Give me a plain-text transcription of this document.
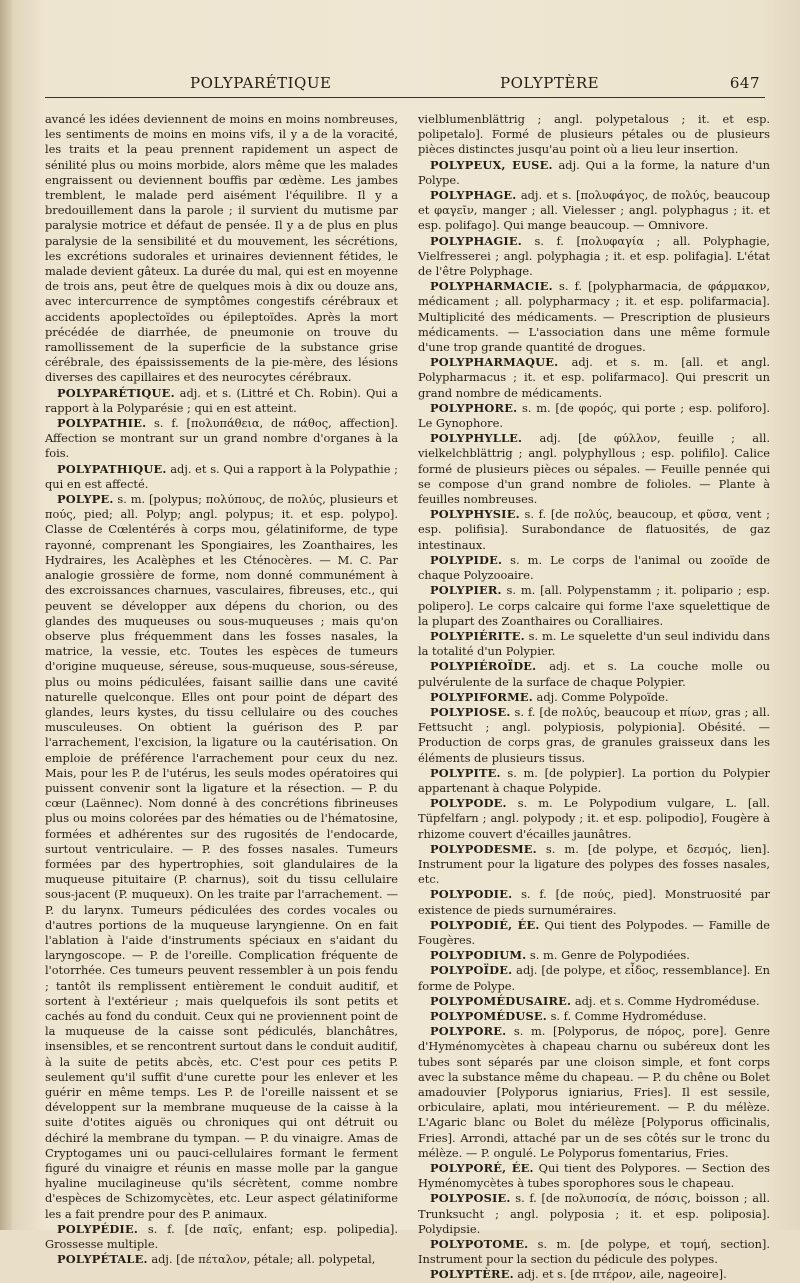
POLYPARÉTIQUE	POLYPTÈRE	647

avancé les idées deviennent de moins en moins nombreuses, les sentiments de moins en moins vifs, il y a de la voracité, les traits et la peau prennent rapidement un aspect de sénilité plus ou moins morbide, alors même que les malades engraissent ou deviennent bouffis par œdème. Les jambes tremblent, le malade perd aisément l'équilibre. Il y a bredouillement dans la parole ; il survient du mutisme par paralysie motrice et défaut de pensée. Il y a de plus en plus paralysie de la sensibilité et du mouvement, les sécrétions, les excrétions sudorales et urinaires deviennent fétides, le malade devient gâteux. La durée du mal, qui est en moyenne de trois ans, peut être de quelques mois à dix ou douze ans, avec intercurrence de symptômes congestifs cérébraux et accidents apoplectoïdes ou épileptoïdes. Après la mort précédée de diarrhée, de pneumonie on trouve du ramollissement de la superficie de la substance grise cérébrale, des épaississements de la pie-mère, des lésions diverses des capillaires et des neurocytes cérébraux.

POLYPARÉTIQUE. adj. et s. (Littré et Ch. Robin). Qui a rapport à la Polyparésie ; qui en est atteint.

POLYPATHIE. s. f. [πολυπάθεια, de πάθος, affection]. Affection se montrant sur un grand nombre d'organes à la fois.

POLYPATHIQUE. adj. et s. Qui a rapport à la Polypathie ; qui en est affecté.

POLYPE. s. m. [polypus; πολύπους, de πολύς, plusieurs et πούς, pied; all. Polyp; angl. polypus; it. et esp. polypo]. Classe de Cœlentérés à corps mou, gélatiniforme, de type rayonné, comprenant les Spongiaires, les Zoanthaires, les Hydraires, les Acalèphes et les Cténocères. — M. C. Par analogie grossière de forme, nom donné communément à des excroissances charnues, vasculaires, fibreuses, etc., qui peuvent se développer aux dépens du chorion, ou des glandes des muqueuses ou sous-muqueuses ; mais qu'on observe plus fréquemment dans les fosses nasales, la matrice, la vessie, etc. Toutes les espèces de tumeurs d'origine muqueuse, séreuse, sous-muqueuse, sous-séreuse, plus ou moins pédiculées, faisant saillie dans une cavité naturelle quelconque. Elles ont pour point de départ des glandes, leurs kystes, du tissu cellulaire ou des couches musculeuses. On obtient la guérison des P. par l'arrachement, l'excision, la ligature ou la cautérisation. On emploie de préférence l'arrachement pour ceux du nez. Mais, pour les P. de l'utérus, les seuls modes opératoires qui puissent convenir sont la ligature et la résection. — P. du cœur (Laënnec). Nom donné à des concrétions fibrineuses plus ou moins colorées par des hématies ou de l'hématosine, formées et adhérentes sur des rugosités de l'endocarde, surtout ventriculaire. — P. des fosses nasales. Tumeurs formées par des hypertrophies, soit glandulaires de la muqueuse pituitaire (P. charnus), soit du tissu cellulaire sous-jacent (P. muqueux). On les traite par l'arrachement. — P. du larynx. Tumeurs pédiculées des cordes vocales ou d'autres portions de la muqueuse laryngienne. On en fait l'ablation à l'aide d'instruments spéciaux en s'aidant du laryngoscope. — P. de l'oreille. Complication fréquente de l'otorrhée. Ces tumeurs peuvent ressembler à un pois fendu ; tantôt ils remplissent entièrement le conduit auditif, et sortent à l'extérieur ; mais quelquefois ils sont petits et cachés au fond du conduit. Ceux qui ne proviennent point de la muqueuse de la caisse sont pédiculés, blanchâtres, insensibles, et se rencontrent surtout dans le conduit auditif, à la suite de petits abcès, etc. C'est pour ces petits P. seulement qu'il suffit d'une curette pour les enlever et les guérir en même temps. Les P. de l'oreille naissent et se développent sur la membrane muqueuse de la caisse à la suite d'otites aiguës ou chroniques qui ont détruit ou déchiré la membrane du tympan. — P. du vinaigre. Amas de Cryptogames uni ou pauci-cellulaires formant le ferment figuré du vinaigre et réunis en masse molle par la gangue hyaline mucilagineuse qu'ils sécrètent, comme nombre d'espèces de Schizomycètes, etc. Leur aspect gélatiniforme les a fait prendre pour des P. animaux.

POLYPÉDIE. s. f. [de παῖς, enfant; esp. polipedia]. Grossesse multiple.

POLYPÉTALE. adj. [de πέταλον, pétale; all. polypetal,

vielblumenblättrig ; angl. polypetalous ; it. et esp. polipetalo]. Formé de plusieurs pétales ou de plusieurs pièces distinctes jusqu'au point où a lieu leur insertion.

POLYPEUX, EUSE. adj. Qui a la forme, la nature d'un Polype.

POLYPHAGE. adj. et s. [πολυφάγος, de πολύς, beaucoup et φαγεῖν, manger ; all. Vielesser ; angl. polyphagus ; it. et esp. polifago]. Qui mange beaucoup. — Omnivore.

POLYPHAGIE. s. f. [πολυφαγία ; all. Polyphagie, Vielfresserei ; angl. polyphagia ; it. et esp. polifagia]. L'état de l'être Polyphage.

POLYPHARMACIE. s. f. [polypharmacia, de φάρμακον, médicament ; all. polypharmacy ; it. et esp. polifarmacia]. Multiplicité des médicaments. — Prescription de plusieurs médicaments. — L'association dans une même formule d'une trop grande quantité de drogues.

POLYPHARMAQUE. adj. et s. m. [all. et angl. Polypharmacus ; it. et esp. polifarmaco]. Qui prescrit un grand nombre de médicaments.

POLYPHORE. s. m. [de φορός, qui porte ; esp. poliforo]. Le Gynophore.

POLYPHYLLE. adj. [de φύλλον, feuille ; all. vielkelchblättrig ; angl. polyphyllous ; esp. polifilo]. Calice formé de plusieurs pièces ou sépales. — Feuille pennée qui se compose d'un grand nombre de folioles. — Plante à feuilles nombreuses.

POLYPHYSIE. s. f. [de πολύς, beaucoup, et φῦσα, vent ; esp. polifisia]. Surabondance de flatuosités, de gaz intestinaux.

POLYPIDE. s. m. Le corps de l'animal ou zooïde de chaque Polyzooaire.

POLYPIER. s. m. [all. Polypenstamm ; it. polipario ; esp. polipero]. Le corps calcaire qui forme l'axe squelettique de la plupart des Zoanthaires ou Coralliaires.

POLYPIÉRITE. s. m. Le squelette d'un seul individu dans la totalité d'un Polypier.

POLYPIÉROÏDE. adj. et s. La couche molle ou pulvérulente de la surface de chaque Polypier.

POLYPIFORME. adj. Comme Polypoïde.

POLYPIOSE. s. f. [de πολύς, beaucoup et πίων, gras ; all. Fettsucht ; angl. polypiosis, polypionia]. Obésité. — Production de corps gras, de granules graisseux dans les éléments de plusieurs tissus.

POLYPITE. s. m. [de polypier]. La portion du Polypier appartenant à chaque Polypide.

POLYPODE. s. m. Le Polypodium vulgare, L. [all. Tüpfelfarn ; angl. polypody ; it. et esp. polipodio], Fougère à rhizome couvert d'écailles jaunâtres.

POLYPODESME. s. m. [de polype, et δεσμός, lien]. Instrument pour la ligature des polypes des fosses nasales, etc.

POLYPODIE. s. f. [de πούς, pied]. Monstruosité par existence de pieds surnuméraires.

POLYPODIÉ, ÉE. Qui tient des Polypodes. — Famille de Fougères.

POLYPODIUM. s. m. Genre de Polypodiées.

POLYPOÏDE. adj. [de polype, et εἶδος, ressemblance]. En forme de Polype.

POLYPOMÉDUSAIRE. adj. et s. Comme Hydroméduse.

POLYPOMÉDUSE. s. f. Comme Hydroméduse.

POLYPORE. s. m. [Polyporus, de πόρος, pore]. Genre d'Hyménomycètes à chapeau charnu ou subéreux dont les tubes sont séparés par une cloison simple, et font corps avec la substance même du chapeau. — P. du chêne ou Bolet amadouvier [Polyporus igniarius, Fries]. Il est sessile, orbiculaire, aplati, mou intérieurement. — P. du mélèze. L'Agaric blanc ou Bolet du mélèze [Polyporus officinalis, Fries]. Arrondi, attaché par un de ses côtés sur le tronc du mélèze. — P. ongulé. Le Polyporus fomentarius, Fries.

POLYPORÉ, ÉE. Qui tient des Polypores. — Section des Hyménomycètes à tubes sporophores sous le chapeau.

POLYPOSIE. s. f. [de πολυποσία, de πόσις, boisson ; all. Trunksucht ; angl. polyposia ; it. et esp. poliposia]. Polydipsie.

POLYPOTOME. s. m. [de polype, et τομή, section]. Instrument pour la section du pédicule des polypes.

POLYPTÈRE. adj. et s. [de πτέρον, aile, nageoire].
